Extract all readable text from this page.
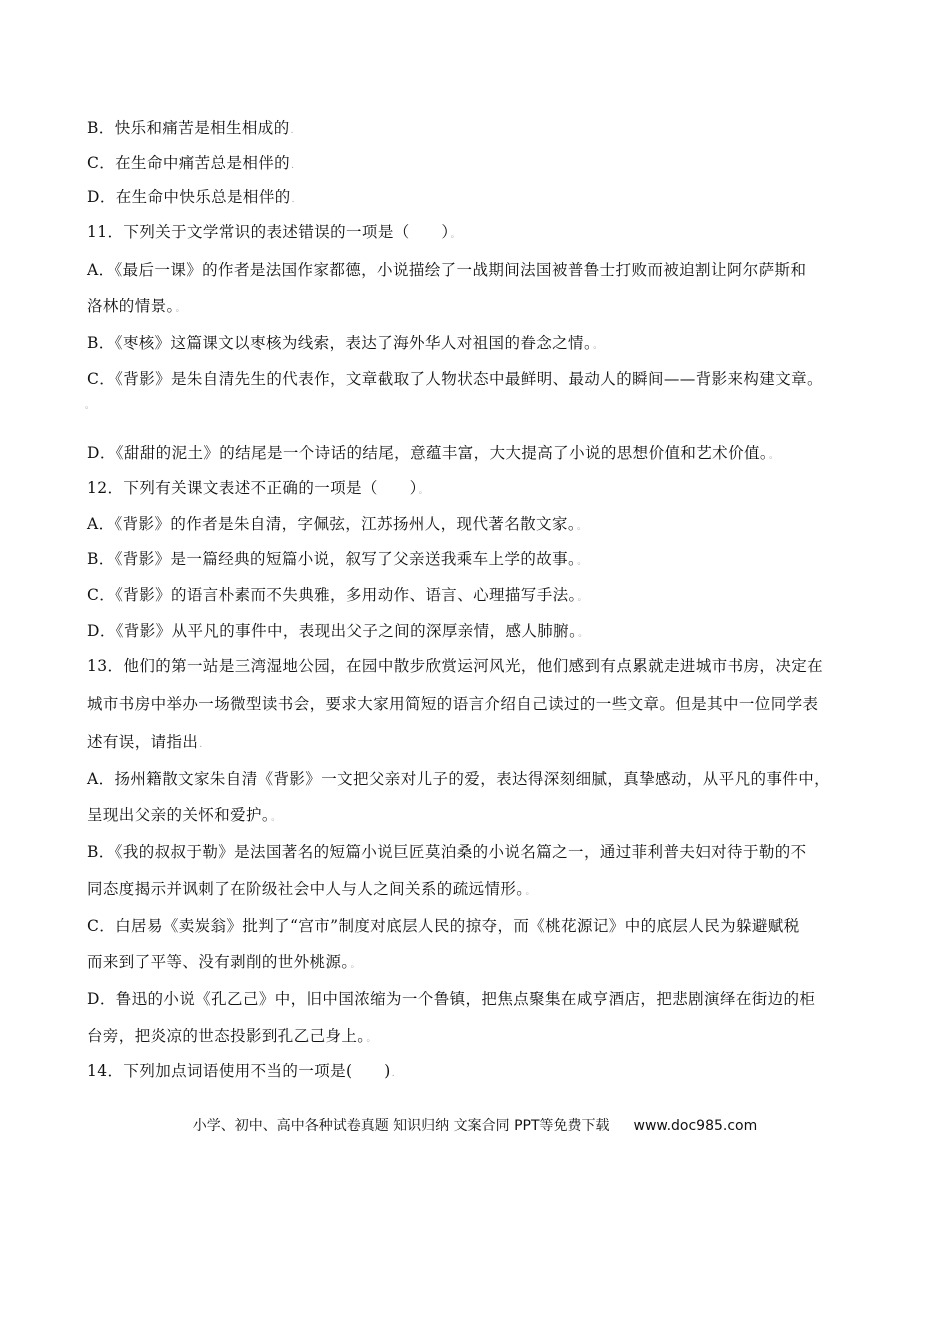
B．快乐和痛苦是相生相成的.
C．在生命中痛苦总是相伴的.
D．在生命中快乐总是相伴的.
11．下列关于文学常识的表述错误的一项是（　　）。
A．《最后一课》的作者是法国作家都德，小说描绘了一战期间法国被普鲁士打败而被迫割让阿尔萨斯和
洛林的情景。。
B．《枣核》这篇课文以枣核为线索，表达了海外华人对祖国的眷念之情。。
C．《背影》是朱自清先生的代表作，文章截取了人物状态中最鲜明、最动人的瞬间——背影来构建文章。
。
D．《甜甜的泥土》的结尾是一个诗话的结尾，意蕴丰富，大大提高了小说的思想价值和艺术价值。。
12．下列有关课文表述不正确的一项是（　　）。
A．《背影》的作者是朱自清，字佩弦，江苏扬州人，现代著名散文家。。
B．《背影》是一篇经典的短篇小说，叙写了父亲送我乘车上学的故事。。
C．《背影》的语言朴素而不失典雅，多用动作、语言、心理描写手法。。
D．《背影》从平凡的事件中，表现出父子之间的深厚亲情，感人肺腑。。
13．他们的第一站是三湾湿地公园，在园中散步欣赏运河风光，他们感到有点累就走进城市书房，决定在
城市书房中举办一场微型读书会，要求大家用简短的语言介绍自己读过的一些文章。但是其中一位同学表
述有误，请指出.
A．扬州籍散文家朱自清《背影》一文把父亲对儿子的爱，表达得深刻细腻，真挚感动，从平凡的事件中，
呈现出父亲的关怀和爱护。。
B．《我的叔叔于勒》是法国著名的短篇小说巨匠莫泊桑的小说名篇之一，通过菲利普夫妇对待于勒的不
同态度揭示并讽刺了在阶级社会中人与人之间关系的疏远情形。。
C．白居易《卖炭翁》批判了“宫市”制度对底层人民的掠夺，而《桃花源记》中的底层人民为躲避赋税
而来到了平等、没有剥削的世外桃源。。
D．鲁迅的小说《孔乙己》中，旧中国浓缩为一个鲁镇，把焦点聚集在咸亨酒店，把悲剧演绎在街边的柜
台旁，把炎凉的世态投影到孔乙己身上。。
14．下列加点词语使用不当的一项是(　　).
小学、初中、高中各种试卷真题 知识归纳 文案合同 PPT等免费下载 www.doc985.com
